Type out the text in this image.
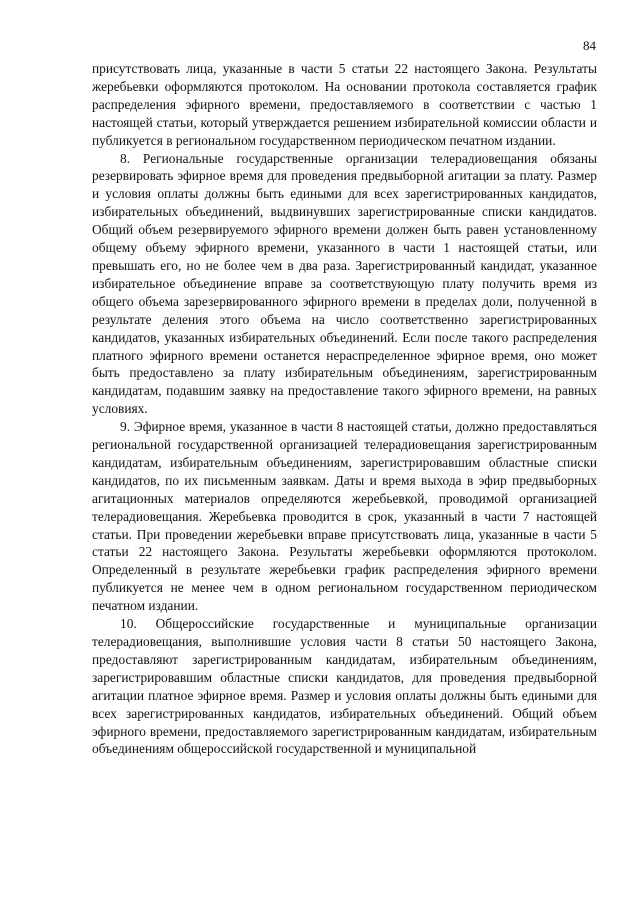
84

присутствовать лица, указанные в части 5 статьи 22 настоящего Закона. Результаты жеребьевки оформляются протоколом. На основании протокола составляется график распределения эфирного времени, предоставляемого в соответствии с частью 1 настоящей статьи, который утверждается решением избирательной комиссии области и публикуется в региональном государственном периодическом печатном издании.

8. Региональные государственные организации телерадиовещания обязаны резервировать эфирное время для проведения предвыборной агитации за плату. Размер и условия оплаты должны быть едиными для всех зарегистрированных кандидатов, избирательных объединений, выдвинувших зарегистрированные списки кандидатов. Общий объем резервируемого эфирного времени должен быть равен установленному общему объему эфирного времени, указанного в части 1 настоящей статьи, или превышать его, но не более чем в два раза. Зарегистрированный кандидат, указанное избирательное объединение вправе за соответствующую плату получить время из общего объема зарезервированного эфирного времени в пределах доли, полученной в результате деления этого объема на число соответственно зарегистрированных кандидатов, указанных избирательных объединений. Если после такого распределения платного эфирного времени останется нераспределенное эфирное время, оно может быть предоставлено за плату избирательным объединениям, зарегистрированным кандидатам, подавшим заявку на предоставление такого эфирного времени, на равных условиях.

9. Эфирное время, указанное в части 8 настоящей статьи, должно предоставляться региональной государственной организацией телерадиовещания зарегистрированным кандидатам, избирательным объединениям, зарегистрировавшим областные списки кандидатов, по их письменным заявкам. Даты и время выхода в эфир предвыборных агитационных материалов определяются жеребьевкой, проводимой организацией телерадиовещания. Жеребьевка проводится в срок, указанный в части 7 настоящей статьи. При проведении жеребьевки вправе присутствовать лица, указанные в части 5 статьи 22 настоящего Закона. Результаты жеребьевки оформляются протоколом. Определенный в результате жеребьевки график распределения эфирного времени публикуется не менее чем в одном региональном государственном периодическом печатном издании.

10. Общероссийские государственные и муниципальные организации телерадиовещания, выполнившие условия части 8 статьи 50 настоящего Закона, предоставляют зарегистрированным кандидатам, избирательным объединениям, зарегистрировавшим областные списки кандидатов, для проведения предвыборной агитации платное эфирное время. Размер и условия оплаты должны быть едиными для всех зарегистрированных кандидатов, избирательных объединений. Общий объем эфирного времени, предоставляемого зарегистрированным кандидатам, избирательным объединениям общероссийской государственной и муниципальной
